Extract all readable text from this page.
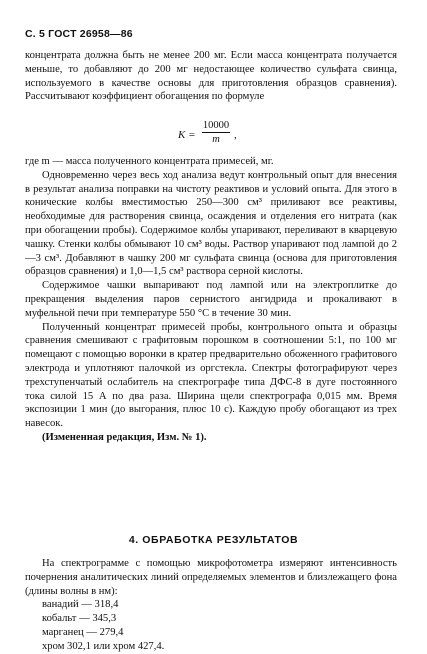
С. 5 ГОСТ 26958—86

концентрата должна быть не менее 200 мг. Если масса концентрата получается меньше, то добавляют до 200 мг недостающее количество сульфата свинца, используемого в качестве основы для приготовления образцов сравнения). Рассчитывают коэффициент обогащения по формуле

$K = \frac{10000}{m}$ ,

где m — масса полученного концентрата примесей, мг.

Одновременно через весь ход анализа ведут контрольный опыт для внесения в результат анализа поправки на чистоту реактивов и условий опыта. Для этого в конические колбы вместимостью 250—300 см³ приливают все реактивы, необходимые для растворения свинца, осаждения и отделения его нитрата (как при обогащении пробы). Содержимое колбы упаривают, переливают в кварцевую чашку. Стенки колбы обмывают 10 см³ воды. Раствор упаривают под лампой до 2—3 см³. Добавляют в чашку 200 мг сульфата свинца (основа для приготовления образцов сравнения) и 1,0—1,5 см³ раствора серной кислоты.

Содержимое чашки выпаривают под лампой или на электроплитке до прекращения выделения паров сернистого ангидрида и прокаливают в муфельной печи при температуре 550 °С в течение 30 мин.

Полученный концентрат примесей пробы, контрольного опыта и образцы сравнения смешивают с графитовым порошком в соотношении 5:1, по 100 мг помещают с помощью воронки в кратер предварительно обоженного графитового электрода и уплотняют палочкой из оргстекла. Спектры фотографируют через трехступенчатый ослабитель на спектрографе типа ДФС-8 в дуге постоянного тока силой 15 А по два раза. Ширина щели спектрографа 0,015 мм. Время экспозиции 1 мин (до выгорания, плюс 10 с). Каждую пробу обогащают из трех навесок.

(Измененная редакция, Изм. № 1).

4. ОБРАБОТКА РЕЗУЛЬТАТОВ

На спектрограмме с помощью микрофотометра измеряют интенсивность почернения аналитических линий определяемых элементов и близлежащего фона (длины волны в нм):

ванадий — 318,4
кобальт — 345,3
марганец — 279,4
хром 302,1 или хром 427,4.
